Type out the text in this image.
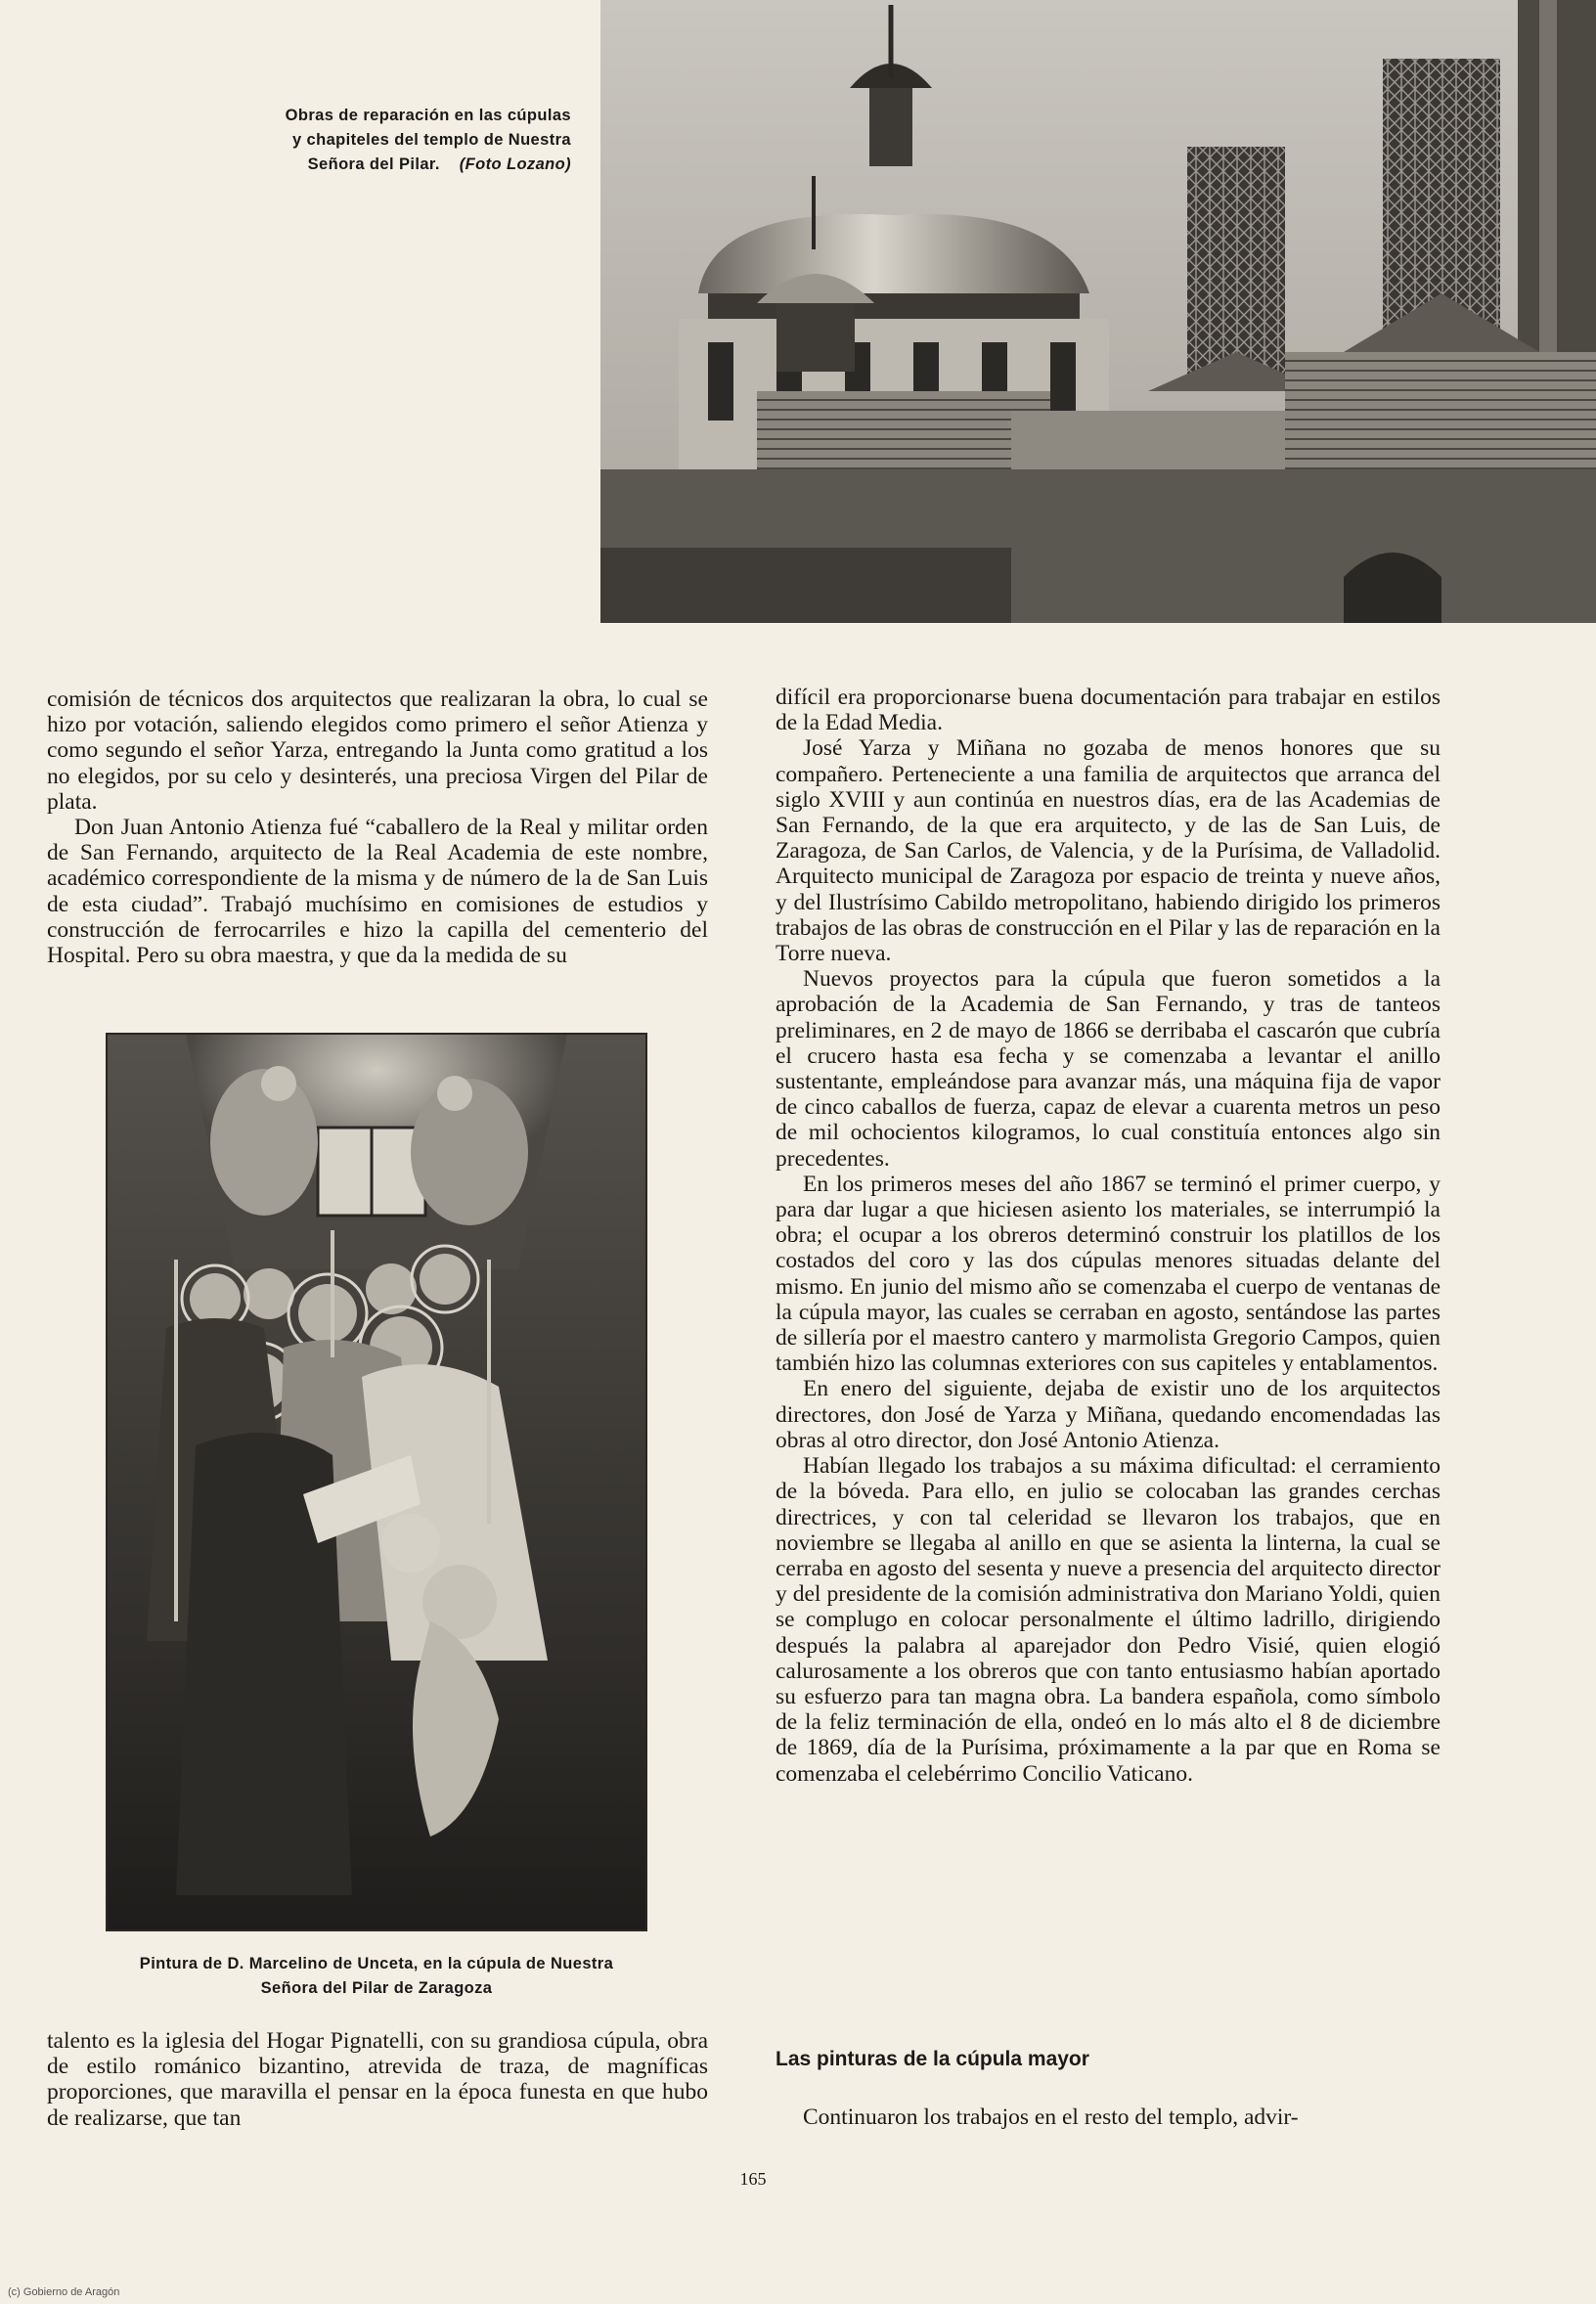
Obras de reparación en las cúpulas
y chapiteles del templo de Nuestra
Señora del Pilar. (Foto Lozano)

comisión de técnicos dos arquitectos que realizaran la obra, lo cual se hizo por votación, saliendo elegidos como primero el señor Atienza y como segundo el señor Yarza, entregando la Junta como gratitud a los no elegidos, por su celo y desinterés, una preciosa Virgen del Pilar de plata.

Don Juan Antonio Atienza fué “caballero de la Real y militar orden de San Fernando, arquitecto de la Real Academia de este nombre, académico correspondiente de la misma y de número de la de San Luis de esta ciudad”. Trabajó muchísimo en comisiones de estudios y construcción de ferrocarriles e hizo la capilla del cementerio del Hospital. Pero su obra maestra, y que da la medida de su

Pintura de D. Marcelino de Unceta, en la cúpula de Nuestra
Señora del Pilar de Zaragoza

talento es la iglesia del Hogar Pignatelli, con su grandiosa cúpula, obra de estilo románico bizantino, atrevida de traza, de magníficas proporciones, que maravilla el pensar en la época funesta en que hubo de realizarse, que tan

difícil era proporcionarse buena documentación para trabajar en estilos de la Edad Media.

José Yarza y Miñana no gozaba de menos honores que su compañero. Perteneciente a una familia de arquitectos que arranca del siglo XVIII y aun continúa en nuestros días, era de las Academias de San Fernando, de la que era arquitecto, y de las de San Luis, de Zaragoza, de San Carlos, de Valencia, y de la Purísima, de Valladolid. Arquitecto municipal de Zaragoza por espacio de treinta y nueve años, y del Ilustrísimo Cabildo metropolitano, habiendo dirigido los primeros trabajos de las obras de construcción en el Pilar y las de reparación en la Torre nueva.

Nuevos proyectos para la cúpula que fueron sometidos a la aprobación de la Academia de San Fernando, y tras de tanteos preliminares, en 2 de mayo de 1866 se derribaba el cascarón que cubría el crucero hasta esa fecha y se comenzaba a levantar el anillo sustentante, empleándose para avanzar más, una máquina fija de vapor de cinco caballos de fuerza, capaz de elevar a cuarenta metros un peso de mil ochocientos kilogramos, lo cual constituía entonces algo sin precedentes.

En los primeros meses del año 1867 se terminó el primer cuerpo, y para dar lugar a que hiciesen asiento los materiales, se interrumpió la obra; el ocupar a los obreros determinó construir los platillos de los costados del coro y las dos cúpulas menores situadas delante del mismo. En junio del mismo año se comenzaba el cuerpo de ventanas de la cúpula mayor, las cuales se cerraban en agosto, sentándose las partes de sillería por el maestro cantero y marmolista Gregorio Campos, quien también hizo las columnas exteriores con sus capiteles y entablamentos.

En enero del siguiente, dejaba de existir uno de los arquitectos directores, don José de Yarza y Miñana, quedando encomendadas las obras al otro director, don José Antonio Atienza.

Habían llegado los trabajos a su máxima dificultad: el cerramiento de la bóveda. Para ello, en julio se colocaban las grandes cerchas directrices, y con tal celeridad se llevaron los trabajos, que en noviembre se llegaba al anillo en que se asienta la linterna, la cual se cerraba en agosto del sesenta y nueve a presencia del arquitecto director y del presidente de la comisión administrativa don Mariano Yoldi, quien se complugo en colocar personalmente el último ladrillo, dirigiendo después la palabra al aparejador don Pedro Visié, quien elogió calurosamente a los obreros que con tanto entusiasmo habían aportado su esfuerzo para tan magna obra. La bandera española, como símbolo de la feliz terminación de ella, ondeó en lo más alto el 8 de diciembre de 1869, día de la Purísima, próximamente a la par que en Roma se comenzaba el celebérrimo Concilio Vaticano.

Las pinturas de la cúpula mayor

Continuaron los trabajos en el resto del templo, advir-

165
(c) Gobierno de Aragón
